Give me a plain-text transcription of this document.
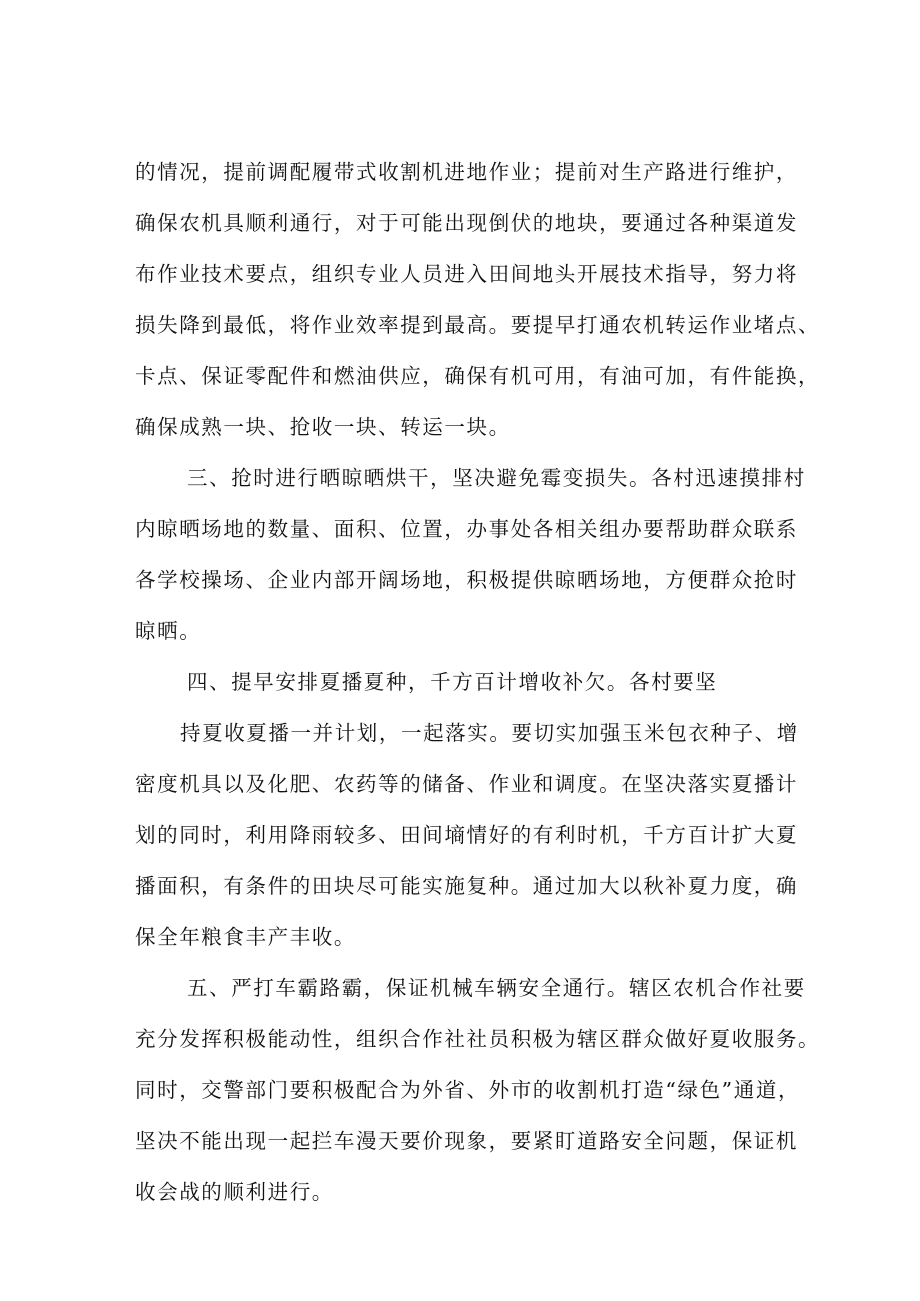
的情况，提前调配履带式收割机进地作业；提前对生产路进行维护，
确保农机具顺利通行，对于可能出现倒伏的地块，要通过各种渠道发
布作业技术要点，组织专业人员进入田间地头开展技术指导，努力将
损失降到最低，将作业效率提到最高。要提早打通农机转运作业堵点、
卡点、保证零配件和燃油供应，确保有机可用，有油可加，有件能换，
确保成熟一块、抢收一块、转运一块。
三、抢时进行晒晾晒烘干，坚决避免霉变损失。各村迅速摸排村
内晾晒场地的数量、面积、位置，办事处各相关组办要帮助群众联系
各学校操场、企业内部开阔场地，积极提供晾晒场地，方便群众抢时
晾晒。
四、提早安排夏播夏种，千方百计增收补欠。各村要坚
持夏收夏播一并计划，一起落实。要切实加强玉米包衣种子、增
密度机具以及化肥、农药等的储备、作业和调度。在坚决落实夏播计
划的同时，利用降雨较多、田间墒情好的有利时机，千方百计扩大夏
播面积，有条件的田块尽可能实施复种。通过加大以秋补夏力度，确
保全年粮食丰产丰收。
五、严打车霸路霸，保证机械车辆安全通行。辖区农机合作社要
充分发挥积极能动性，组织合作社社员积极为辖区群众做好夏收服务。
同时，交警部门要积极配合为外省、外市的收割机打造“绿色”通道，
坚决不能出现一起拦车漫天要价现象，要紧盯道路安全问题，保证机
收会战的顺利进行。
